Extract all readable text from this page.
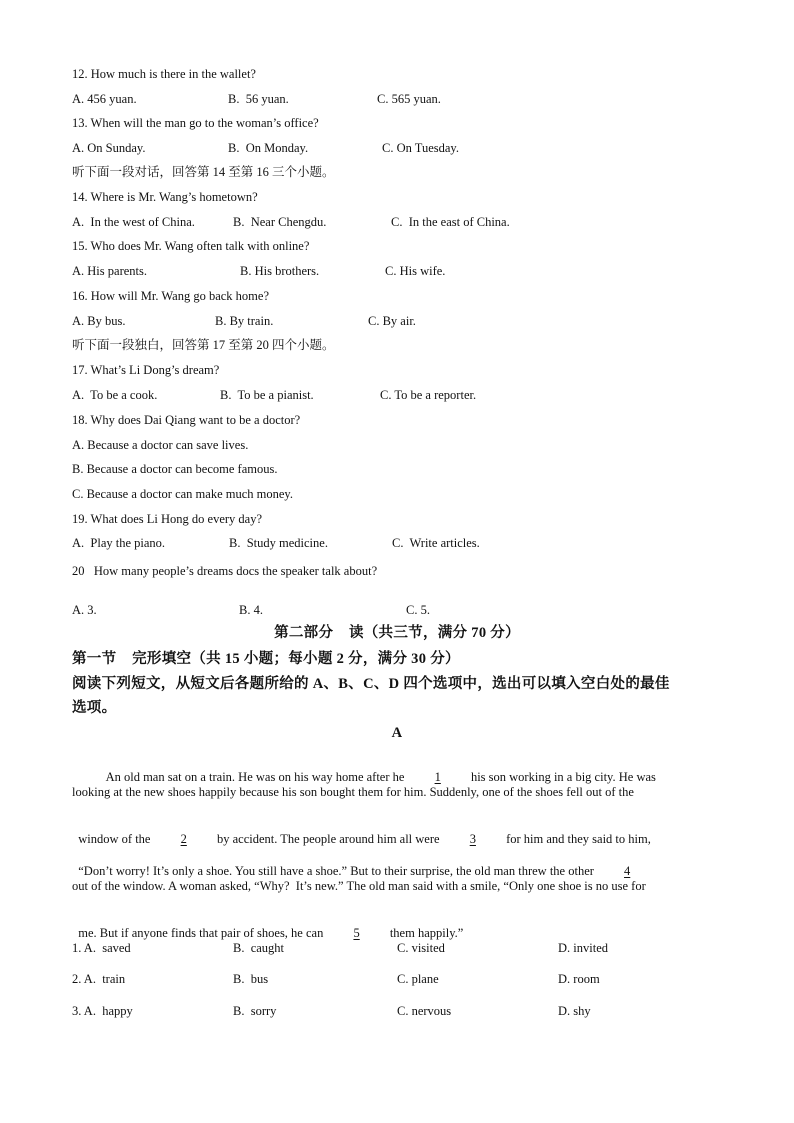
12. How much is there in the wallet?
A. 456 yuan.	B.  56 yuan.	C. 565 yuan.
13. When will the man go to the woman’s office?
A. On Sunday.	B.  On Monday.	C. On Tuesday.
听下面一段对话，回答第 14 至第 16 三个小题。
14. Where is Mr. Wang’s hometown?
A.  In the west of China.	B.  Near Chengdu.	C.  In the east of China.
15. Who does Mr. Wang often talk with online?
A. His parents.	B. His brothers.	C. His wife.
16. How will Mr. Wang go back home?
A. By bus.	B. By train.	C. By air.
听下面一段独白，回答第 17 至第 20 四个小题。
17. What’s Li Dong’s dream?
A.  To be a cook.	B.  To be a pianist.	C. To be a reporter.
18. Why does Dai Qiang want to be a doctor?
A. Because a doctor can save lives.
B. Because a doctor can become famous.
C. Because a doctor can make much money.
19. What does Li Hong do every day?
A.  Play the piano.	B.  Study medicine.	C.  Write articles.
20   How many people’s dreams docs the speaker talk about?
A. 3.	B. 4.	C. 5.
第二部分    读（共三节，满分 70 分）
第一节    完形填空（共 15 小题；每小题 2 分，满分 30 分）
阅读下列短文，从短文后各题所给的 A、B、C、D 四个选项中，选出可以填入空白处的最佳
选项。
A

An old man sat on a train. He was on his way home after he 1 his son working in a big city. He was

looking at the new shoes happily because his son bought them for him. Suddenly, one of the shoes fell out of the

window of the 2 by accident. The people around him all were 3 for him and they said to him,

“Don’t worry! It’s only a shoe. You still have a shoe.” But to their surprise, the old man threw the other 4

out of the window. A woman asked, “Why?  It’s new.” The old man said with a smile, “Only one shoe is no use for

me. But if anyone finds that pair of shoes, he can 5 them happily.”

1. A.  saved	B.  caught	C. visited	D. invited
2. A.  train	B.  bus	C. plane	D. room
3. A.  happy	B.  sorry	C. nervous	D. shy
